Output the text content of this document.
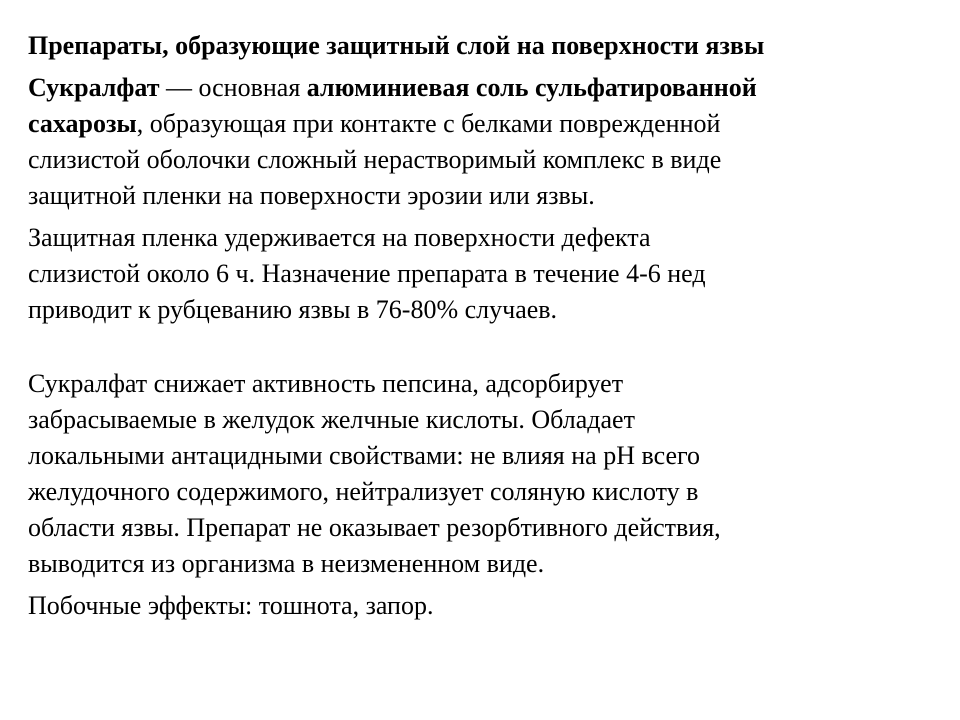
Препараты, образующие защитный слой на поверхности язвы
Сукралфат — основная алюминиевая соль сульфатированной
сахарозы, образующая при контакте с белками поврежденной
слизистой оболочки сложный нерастворимый комплекс в виде
защитной пленки на поверхности эрозии или язвы.
Защитная пленка удерживается на поверхности дефекта
слизистой около 6 ч. Назначение препарата в течение 4-6 нед
приводит к рубцеванию язвы в 76-80% случаев.
Сукралфат снижает активность пепсина, адсорбирует
забрасываемые в желудок желчные кислоты. Обладает
локальными антацидными свойствами: не влияя на рН всего
желудочного содержимого, нейтрализует соляную кислоту в
области язвы. Препарат не оказывает резорбтивного действия,
выводится из организма в неизмененном виде.
Побочные эффекты: тошнота, запор.
